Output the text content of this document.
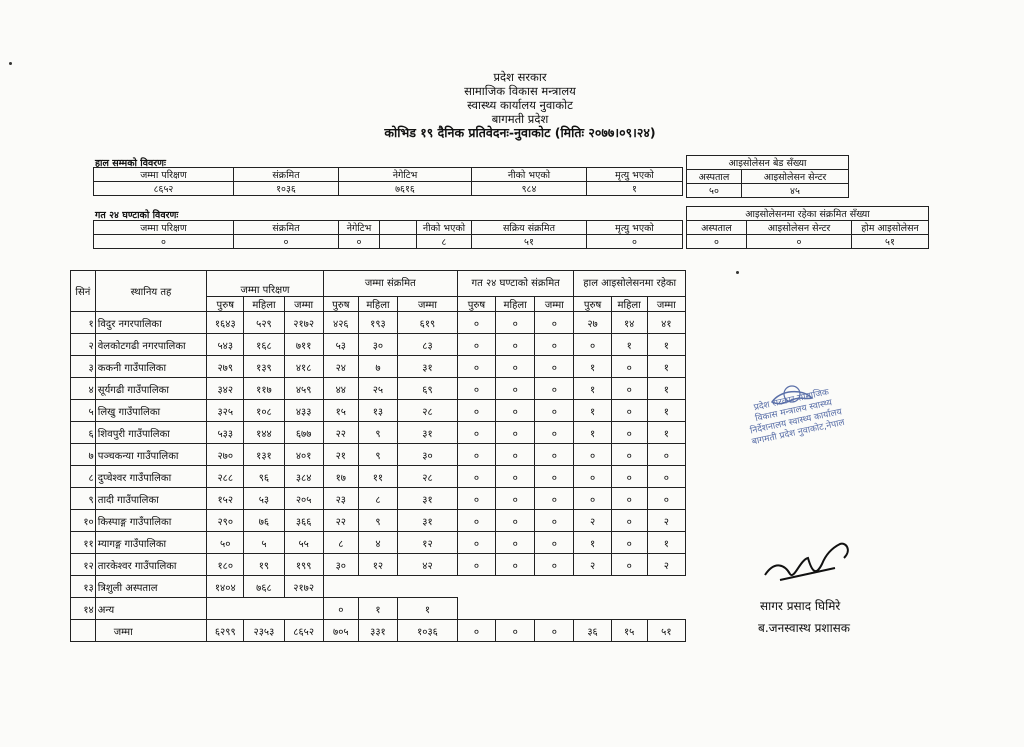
प्रदेश सरकार
सामाजिक विकास मन्त्रालय
स्वास्थ्य कार्यालय नुवाकोट
बागमती प्रदेश
कोभिड १९ दैनिक प्रतिवेदनः-नुवाकोट (मितिः २०७७।०९।२४)
हाल सम्मको विवरणः
जम्मा परिक्षण	संक्रमित	नेगेटिभ	नीको भएको	मृत्यु भएको
८६५२	१०३६	७६१६	९८४	१
आइसोलेसन बेड सँख्या	
अस्पताल	आइसोलेसन सेन्टर
५०	४५
गत २४ घण्टाको विवरणः
जम्मा परिक्षण	संक्रमित	नेगेटिभ		नीको भएको	सक्रिय संक्रमित	मृत्यु भएको
०	०	०		८	५१	०
आइसोलेसनमा रहेका संक्रमित सँख्या		
अस्पताल	आइसोलेसन सेन्टर	होम आइसोलेसन
०	०	५१
सिनं	स्थानिय तह	जम्मा परिक्षण			जम्मा संक्रमित			गत २४ घण्टाको संक्रमित			हाल आइसोलेसनमा रहेका		
		पुरुष	महिला	जम्मा	पुरुष	महिला	जम्मा	पुरुष	महिला	जम्मा	पुरुष	महिला	जम्मा
१	विदुर नगरपालिका	१६४३	५२९	२१७२	४२६	१९३	६१९	०	०	०	२७	१४	४१
२	वेलकोटगढी नगरपालिका	५४३	१६८	७११	५३	३०	८३	०	०	०	०	१	१
३	ककनी गाउँपालिका	२७९	१३९	४१८	२४	७	३१	०	०	०	१	०	१
४	सूर्यगढी गाउँपालिका	३४२	११७	४५९	४४	२५	६९	०	०	०	१	०	१
५	लिखु गाउँपालिका	३२५	१०८	४३३	१५	१३	२८	०	०	०	१	०	१
६	शिवपुरी गाउँपालिका	५३३	१४४	६७७	२२	९	३१	०	०	०	१	०	१
७	पञ्चकन्या गाउँपालिका	२७०	१३१	४०१	२१	९	३०	०	०	०	०	०	०
८	दुप्चेश्वर गाउँपालिका	२८८	९६	३८४	१७	११	२८	०	०	०	०	०	०
९	तादी गाउँपालिका	१५२	५३	२०५	२३	८	३१	०	०	०	०	०	०
१०	किस्पाङ्ग गाउँपालिका	२९०	७६	३६६	२२	९	३१	०	०	०	२	०	२
११	म्यागङ्ग गाउँपालिका	५०	५	५५	८	४	१२	०	०	०	१	०	१
१२	तारकेश्वर गाउँपालिका	१८०	१९	१९९	३०	१२	४२	०	०	०	२	०	२
१३	त्रिशुली अस्पताल	१४०४	७६८	२१७२									
१४	अन्य				०	१	१						
	जम्मा	६२९९	२३५३	८६५२	७०५	३३१	१०३६	०	०	०	३६	१५	५१
प्रदेश सरकार सामाजिक विकास मन्त्रालय स्वास्थ्य निर्देशनालय स्वास्थ्य कार्यालय बागमती प्रदेश नुवाकोट,नेपाल
सागर प्रसाद घिमिरे
ब.जनस्वास्थ प्रशासक
